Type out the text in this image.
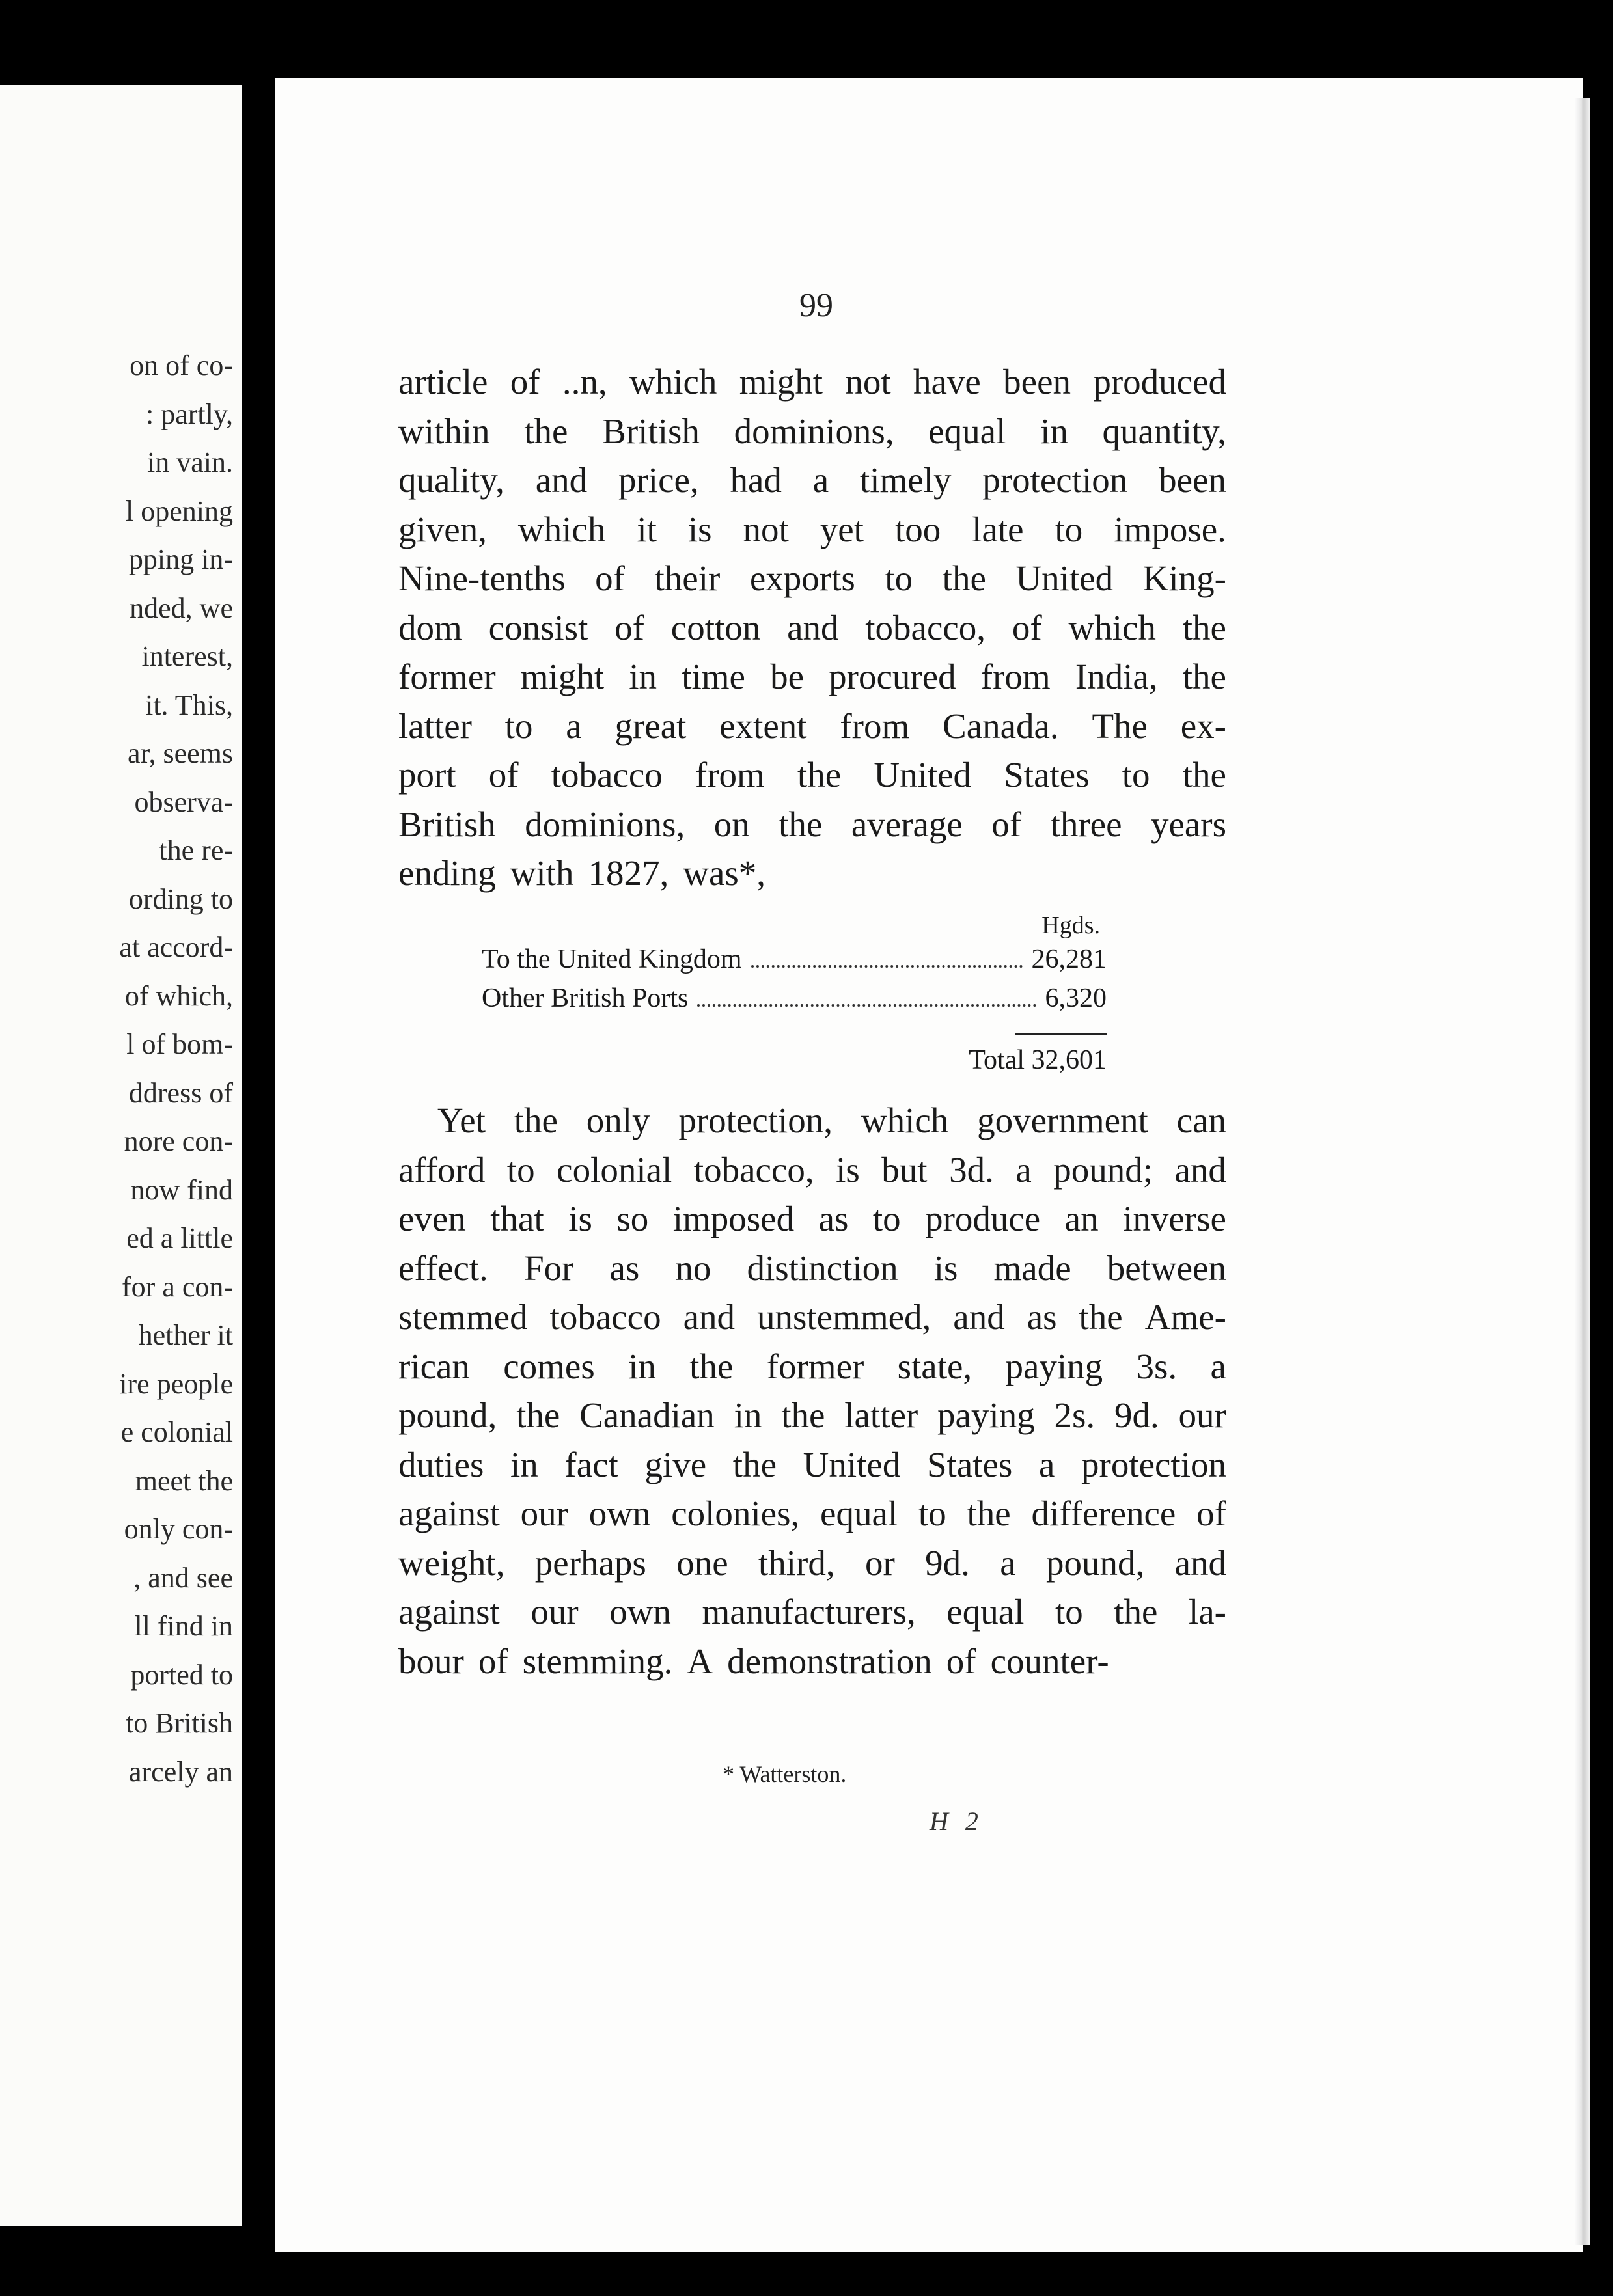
on of co-
: partly,
in vain.
l opening
pping in-
nded, we
interest,
it. This,
ar, seems
observa-
the re-
ording to
at accord-
of which,
l of bom-
ddress of
nore con-
now find
ed a little
for a con-
hether it
ire people
e colonial
meet the
only con-
, and see
ll find in
ported to
to British
arcely an
99
article of ..n, which might not have been produced
within the British dominions, equal in quantity,
quality, and price, had a timely protection been
given, which it is not yet too late to impose.
Nine-tenths of their exports to the United King-
dom consist of cotton and tobacco, of which the
former might in time be procured from India, the
latter to a great extent from Canada. The ex-
port of tobacco from the United States to the
British dominions, on the average of three years
ending with 1827, was*,
Hgds.
To the United Kingdom	26,281
Other British Ports	6,320
Total 32,601
Yet the only protection, which government can
afford to colonial tobacco, is but 3d. a pound; and
even that is so imposed as to produce an inverse
effect. For as no distinction is made between
stemmed tobacco and unstemmed, and as the Ame-
rican comes in the former state, paying 3s. a
pound, the Canadian in the latter paying 2s. 9d. our
duties in fact give the United States a protection
against our own colonies, equal to the difference of
weight, perhaps one third, or 9d. a pound, and
against our own manufacturers, equal to the la-
bour of stemming. A demonstration of counter-
* Watterston.
H 2
